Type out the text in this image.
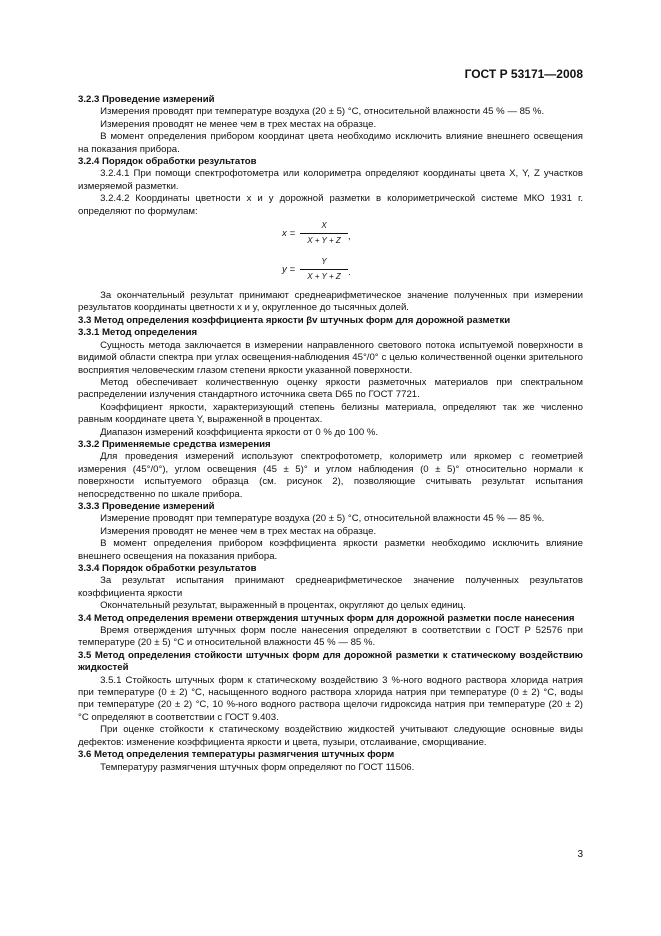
ГОСТ Р 53171—2008

3.2.3 Проведение измерений

Измерения проводят при температуре воздуха (20 ± 5) °С, относительной влажности 45 % — 85 %.

Измерения проводят не менее чем в трех местах на образце.

В момент определения прибором координат цвета необходимо исключить влияние внешнего освещения на показания прибора.

3.2.4 Порядок обработки результатов

3.2.4.1 При помощи спектрофотометра или колориметра определяют координаты цвета X, Y, Z участков измеряемой разметки.

3.2.4.2 Координаты цветности x и y дорожной разметки в колориметрической системе МКО 1931 г. определяют по формулам:

$x = \frac{X}{X + Y + Z}$ ,
$y = \frac{Y}{X + Y + Z}$ .

За окончательный результат принимают среднеарифметическое значение полученных при измерении результатов координаты цветности x и y, округленное до тысячных долей.

3.3 Метод определения коэффициента яркости βv штучных форм для дорожной разметки

3.3.1 Метод определения

Сущность метода заключается в измерении направленного светового потока испытуемой поверхности в видимой области спектра при углах освещения-наблюдения 45°/0° с целью количественной оценки зрительного восприятия человеческим глазом степени яркости указанной поверхности.

Метод обеспечивает количественную оценку яркости разметочных материалов при спектральном распределении излучения стандартного источника света D65 по ГОСТ 7721.

Коэффициент яркости, характеризующий степень белизны материала, определяют так же численно равным координате цвета Y, выраженной в процентах.

Диапазон измерений коэффициента яркости от 0 % до 100 %.

3.3.2 Применяемые средства измерения

Для проведения измерений используют спектрофотометр, колориметр или яркомер с геометрией измерения (45°/0°), углом освещения (45 ± 5)° и углом наблюдения (0 ± 5)° относительно нормали к поверхности испытуемого образца (см. рисунок 2), позволяющие считывать результат испытания непосредственно по шкале прибора.

3.3.3 Проведение измерений

Измерение проводят при температуре воздуха (20 ± 5) °С, относительной влажности 45 % — 85 %.

Измерения проводят не менее чем в трех местах на образце.

В момент определения прибором коэффициента яркости разметки необходимо исключить влияние внешнего освещения на показания прибора.

3.3.4 Порядок обработки результатов

За результат испытания принимают среднеарифметическое значение полученных результатов коэффициента яркости

Окончательный результат, выраженный в процентах, округляют до целых единиц.

3.4 Метод определения времени отверждения штучных форм для дорожной разметки после нанесения

Время отверждения штучных форм после нанесения определяют в соответствии с ГОСТ Р 52576 при температуре (20 ± 5) °С и относительной влажности 45 % — 85 %.

3.5 Метод определения стойкости штучных форм для дорожной разметки к статическому воздействию жидкостей

3.5.1 Стойкость штучных форм к статическому воздействию 3 %-ного водного раствора хлорида натрия при температуре (0 ± 2) °С, насыщенного водного раствора хлорида натрия при температуре (0 ± 2) °С, воды при температуре (20 ± 2) °С, 10 %-ного водного раствора щелочи гидроксида натрия при температуре (20 ± 2) °С определяют в соответствии с ГОСТ 9.403.

При оценке стойкости к статическому воздействию жидкостей учитывают следующие основные виды дефектов: изменение коэффициента яркости и цвета, пузыри, отслаивание, сморщивание.

3.6 Метод определения температуры размягчения штучных форм

Температуру размягчения штучных форм определяют по ГОСТ 11506.

3
